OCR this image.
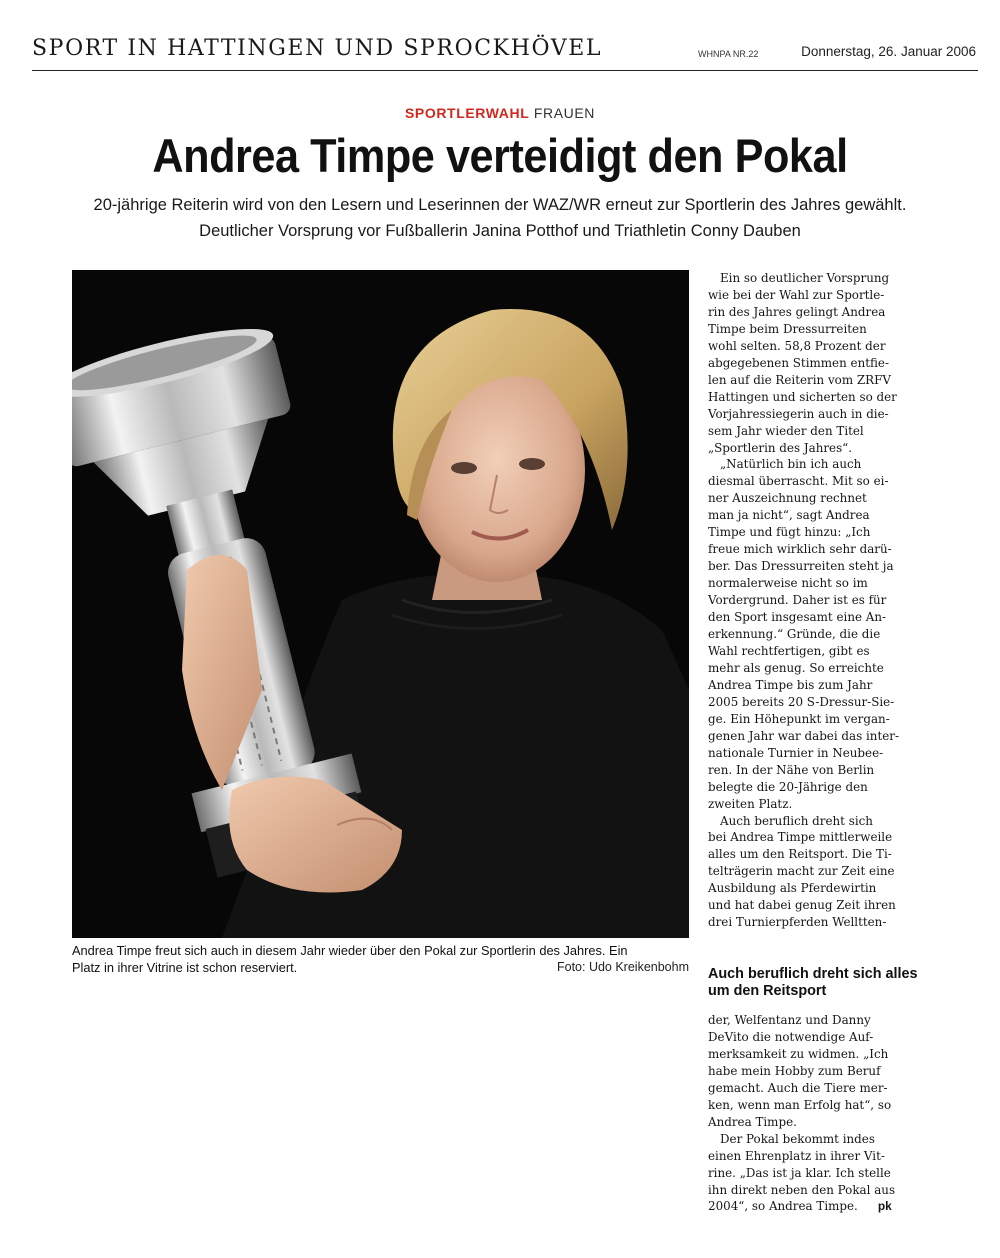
SPORT IN HATTINGEN UND SPROCKHÖVEL	WHNPA NR.22	Donnerstag, 26. Januar 2006
SPORTLERWAHL FRAUEN
Andrea Timpe verteidigt den Pokal
20-jährige Reiterin wird von den Lesern und Leserinnen der WAZ/WR erneut zur Sportlerin des Jahres gewählt.
Deutlicher Vorsprung vor Fußballerin Janina Potthof und Triathletin Conny Dauben
Andrea Timpe freut sich auch in diesem Jahr wieder über den Pokal zur Sportlerin des Jahres. Ein
Platz in ihrer Vitrine ist schon reserviert.	Foto: Udo Kreikenbohm
Ein so deutlicher Vorsprung
wie bei der Wahl zur Sportle-
rin des Jahres gelingt Andrea
Timpe beim Dressurreiten
wohl selten. 58,8 Prozent der
abgegebenen Stimmen entfie-
len auf die Reiterin vom ZRFV
Hattingen und sicherten so der
Vorjahressiegerin auch in die-
sem Jahr wieder den Titel
„Sportlerin des Jahres“.
„Natürlich bin ich auch
diesmal überrascht. Mit so ei-
ner Auszeichnung rechnet
man ja nicht“, sagt Andrea
Timpe und fügt hinzu: „Ich
freue mich wirklich sehr darü-
ber. Das Dressurreiten steht ja
normalerweise nicht so im
Vordergrund. Daher ist es für
den Sport insgesamt eine An-
erkennung.“ Gründe, die die
Wahl rechtfertigen, gibt es
mehr als genug. So erreichte
Andrea Timpe bis zum Jahr
2005 bereits 20 S-Dressur-Sie-
ge. Ein Höhepunkt im vergan-
genen Jahr war dabei das inter-
nationale Turnier in Neubee-
ren. In der Nähe von Berlin
belegte die 20-Jährige den
zweiten Platz.
Auch beruflich dreht sich
bei Andrea Timpe mittlerweile
alles um den Reitsport. Die Ti-
telträgerin macht zur Zeit eine
Ausbildung als Pferdewirtin
und hat dabei genug Zeit ihren
drei Turnierpferden Welltten-
Auch beruflich dreht sich alles um den Reitsport
der, Welfentanz und Danny
DeVito die notwendige Auf-
merksamkeit zu widmen. „Ich
habe mein Hobby zum Beruf
gemacht. Auch die Tiere mer-
ken, wenn man Erfolg hat“, so
Andrea Timpe.
Der Pokal bekommt indes
einen Ehrenplatz in ihrer Vit-
rine. „Das ist ja klar. Ich stelle
ihn direkt neben den Pokal aus
2004“, so Andrea Timpe. pk
